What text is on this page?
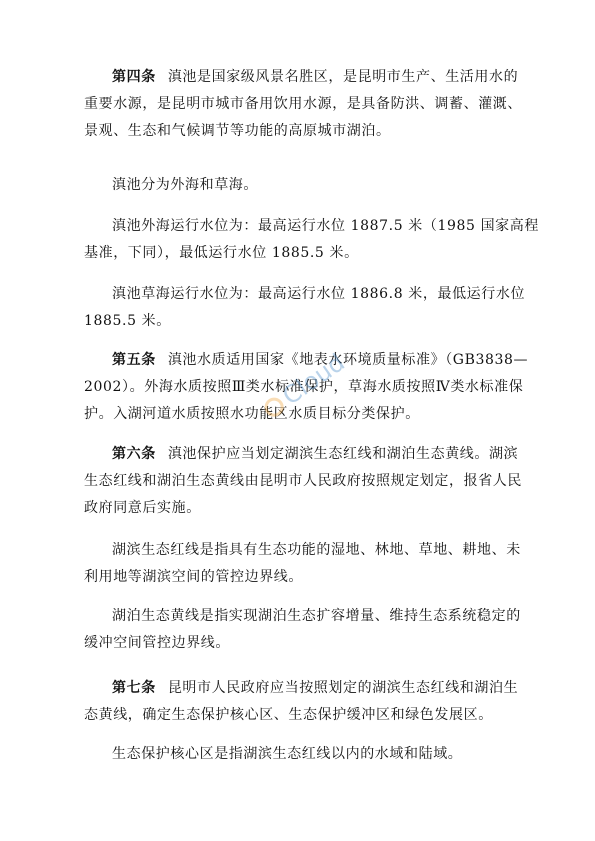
第四条 滇池是国家级风景名胜区，是昆明市生产、生活用水的
重要水源，是昆明市城市备用饮用水源，是具备防洪、调蓄、灌溉、
景观、生态和气候调节等功能的高原城市湖泊。

滇池分为外海和草海。

滇池外海运行水位为：最高运行水位 1887.5 米（1985 国家高程
基准，下同），最低运行水位 1885.5 米。

滇池草海运行水位为：最高运行水位 1886.8 米，最低运行水位
1885.5 米。

第五条 滇池水质适用国家《地表水环境质量标准》（GB3838—
2002）。外海水质按照Ⅲ类水标准保护，草海水质按照Ⅳ类水标准保
护。入湖河道水质按照水功能区水质目标分类保护。

第六条 滇池保护应当划定湖滨生态红线和湖泊生态黄线。湖滨
生态红线和湖泊生态黄线由昆明市人民政府按照规定划定，报省人民
政府同意后实施。

湖滨生态红线是指具有生态功能的湿地、林地、草地、耕地、未
利用地等湖滨空间的管控边界线。

湖泊生态黄线是指实现湖泊生态扩容增量、维持生态系统稳定的
缓冲空间管控边界线。

第七条 昆明市人民政府应当按照划定的湖滨生态红线和湖泊生
态黄线，确定生态保护核心区、生态保护缓冲区和绿色发展区。

生态保护核心区是指湖滨生态红线以内的水域和陆域。

Cloud
